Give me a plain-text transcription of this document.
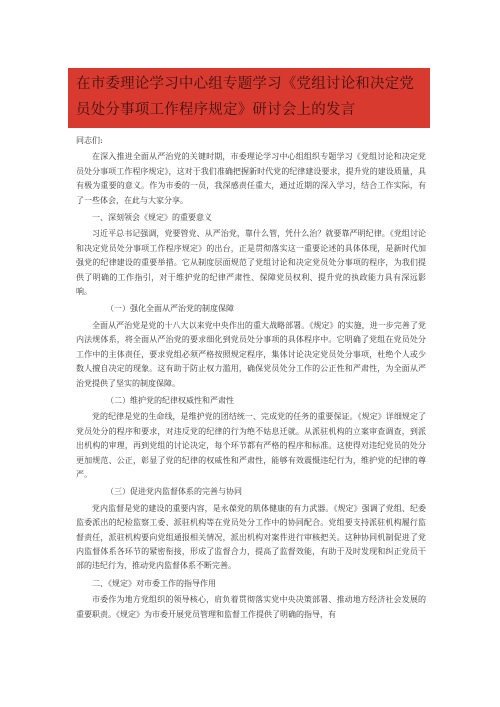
在市委理论学习中心组专题学习《党组讨论和决定党员处分事项工作程序规定》研讨会上的发言

同志们:

在深入推进全面从严治党的关键时期，市委理论学习中心组组织专题学习《党组讨论和决定党员处分事项工作程序规定》，这对于我们准确把握新时代党的纪律建设要求，提升党的建设质量，具有极为重要的意义。作为市委的一员，我深感责任重大，通过近期的深入学习，结合工作实际，有了一些体会，在此与大家分享。

一、深刻领会《规定》的重要意义

习近平总书记强调，党要管党、从严治党，靠什么管，凭什么治？就要靠严明纪律。《党组讨论和决定党员处分事项工作程序规定》的出台，正是贯彻落实这一重要论述的具体体现，是新时代加强党的纪律建设的重要举措。它从制度层面规范了党组讨论和决定党员处分事项的程序，为我们提供了明确的工作指引，对于维护党的纪律严肃性、保障党员权利、提升党的执政能力具有深远影响。

（一）强化全面从严治党的制度保障

全面从严治党是党的十八大以来党中央作出的重大战略部署。《规定》的实施，进一步完善了党内法规体系，将全面从严治党的要求细化到党员处分事项的具体程序中。它明确了党组在党员处分工作中的主体责任，要求党组必须严格按照规定程序，集体讨论决定党员处分事项，杜绝个人或少数人擅自决定的现象。这有助于防止权力滥用，确保党员处分工作的公正性和严肃性，为全面从严治党提供了坚实的制度保障。

（二）维护党的纪律权威性和严肃性

党的纪律是党的生命线，是维护党的团结统一、完成党的任务的重要保证。《规定》详细规定了党员处分的程序和要求，对违反党的纪律的行为绝不姑息迁就。从派驻机构的立案审查调查，到派出机构的审理，再到党组的讨论决定，每个环节都有严格的程序和标准。这使得对违纪党员的处分更加规范、公正，彰显了党的纪律的权威性和严肃性，能够有效震慑违纪行为，维护党的纪律的尊严。

（三）促进党内监督体系的完善与协同

党内监督是党的建设的重要内容，是永葆党的肌体健康的有力武器。《规定》强调了党组、纪委监委派出的纪检监察工委、派驻机构等在党员处分工作中的协同配合。党组要支持派驻机构履行监督责任，派驻机构要向党组通报相关情况，派出机构对案件进行审核把关。这种协同机制促进了党内监督体系各环节的紧密衔接，形成了监督合力，提高了监督效能，有助于及时发现和纠正党员干部的违纪行为，推动党内监督体系不断完善。

二、《规定》对市委工作的指导作用

市委作为地方党组织的领导核心，肩负着贯彻落实党中央决策部署、推动地方经济社会发展的重要职责。《规定》为市委开展党员管理和监督工作提供了明确的指导，有
